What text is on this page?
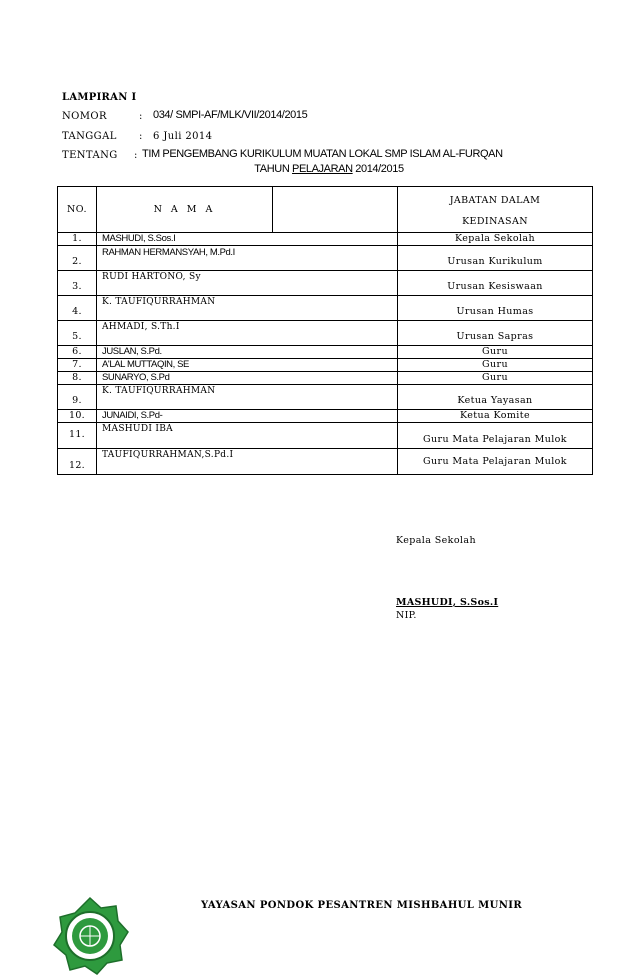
LAMPIRAN I
NOMOR	: 034/ SMPI-AF/MLK/VII/2014/2015
TANGGAL : 6 Juli 2014
TENTANG : TIM PENGEMBANG KURIKULUM MUATAN LOKAL SMP ISLAM AL-FURQAN
TAHUN PELAJARAN 2014/2015
NO.	N A M A		JABATAN DALAM
KEDINASAN

1.	MASHUDI, S.Sos.I		Kepala Sekolah
2.	RAHMAN HERMANSYAH, M.Pd.I		Urusan Kurikulum
3.	RUDI HARTONO, Sy		Urusan Kesiswaan
4.	K. TAUFIQURRAHMAN		Urusan Humas
5.	AHMADI, S.Th.I		Urusan Sapras
6.	JUSLAN, S.Pd.		Guru
7.	A'LAL MUTTAQIN, SE		Guru
8.	SUNARYO, S.Pd		Guru
9.	K. TAUFIQURRAHMAN		Ketua Yayasan
10.	JUNAIDI, S.Pd-		Ketua Komite
11.	MASHUDI IBA		Guru Mata Pelajaran Mulok
12.	TAUFIQURRAHMAN,S.Pd.I		Guru Mata Pelajaran Mulok
Kepala Sekolah
MASHUDI, S.Sos.I
NIP.
YAYASAN PONDOK PESANTREN MISHBAHUL MUNIR
